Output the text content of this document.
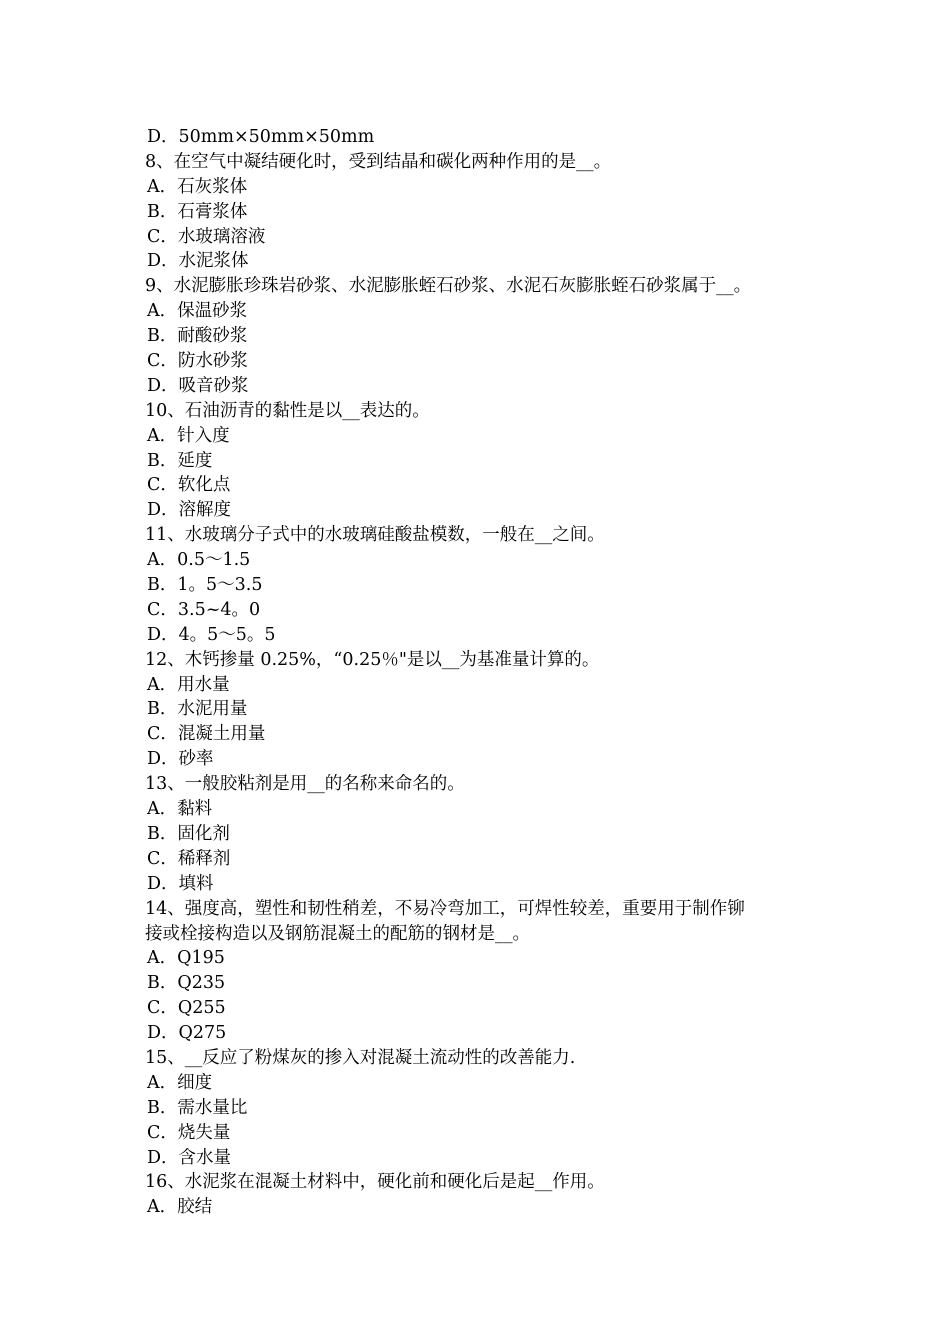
D．50mm×50mm×50mm
8、在空气中凝结硬化时，受到结晶和碳化两种作用的是__。
A．石灰浆体
B．石膏浆体
C．水玻璃溶液
D．水泥浆体
9、水泥膨胀珍珠岩砂浆、水泥膨胀蛭石砂浆、水泥石灰膨胀蛭石砂浆属于__。
A．保温砂浆
B．耐酸砂浆
C．防水砂浆
D．吸音砂浆
10、石油沥青的黏性是以__表达的。
A．针入度
B．延度
C．软化点
D．溶解度
11、水玻璃分子式中的水玻璃硅酸盐模数，一般在__之间。
A．0.5～1.5
B．1。5～3.5
C．3.5~4。0
D．4。5～5。5
12、木钙掺量 0.25%，“0.25％"是以__为基准量计算的。
A．用水量
B．水泥用量
C．混凝土用量
D．砂率
13、一般胶粘剂是用__的名称来命名的。
A．黏料
B．固化剂
C．稀释剂
D．填料
14、强度高，塑性和韧性稍差，不易冷弯加工，可焊性较差，重要用于制作铆
接或栓接构造以及钢筋混凝土的配筋的钢材是__。
A．Q195
B．Q235
C．Q255
D．Q275
15、__反应了粉煤灰的掺入对混凝土流动性的改善能力.
A．细度
B．需水量比
C．烧失量
D．含水量
16、水泥浆在混凝土材料中，硬化前和硬化后是起__作用。
A．胶结
